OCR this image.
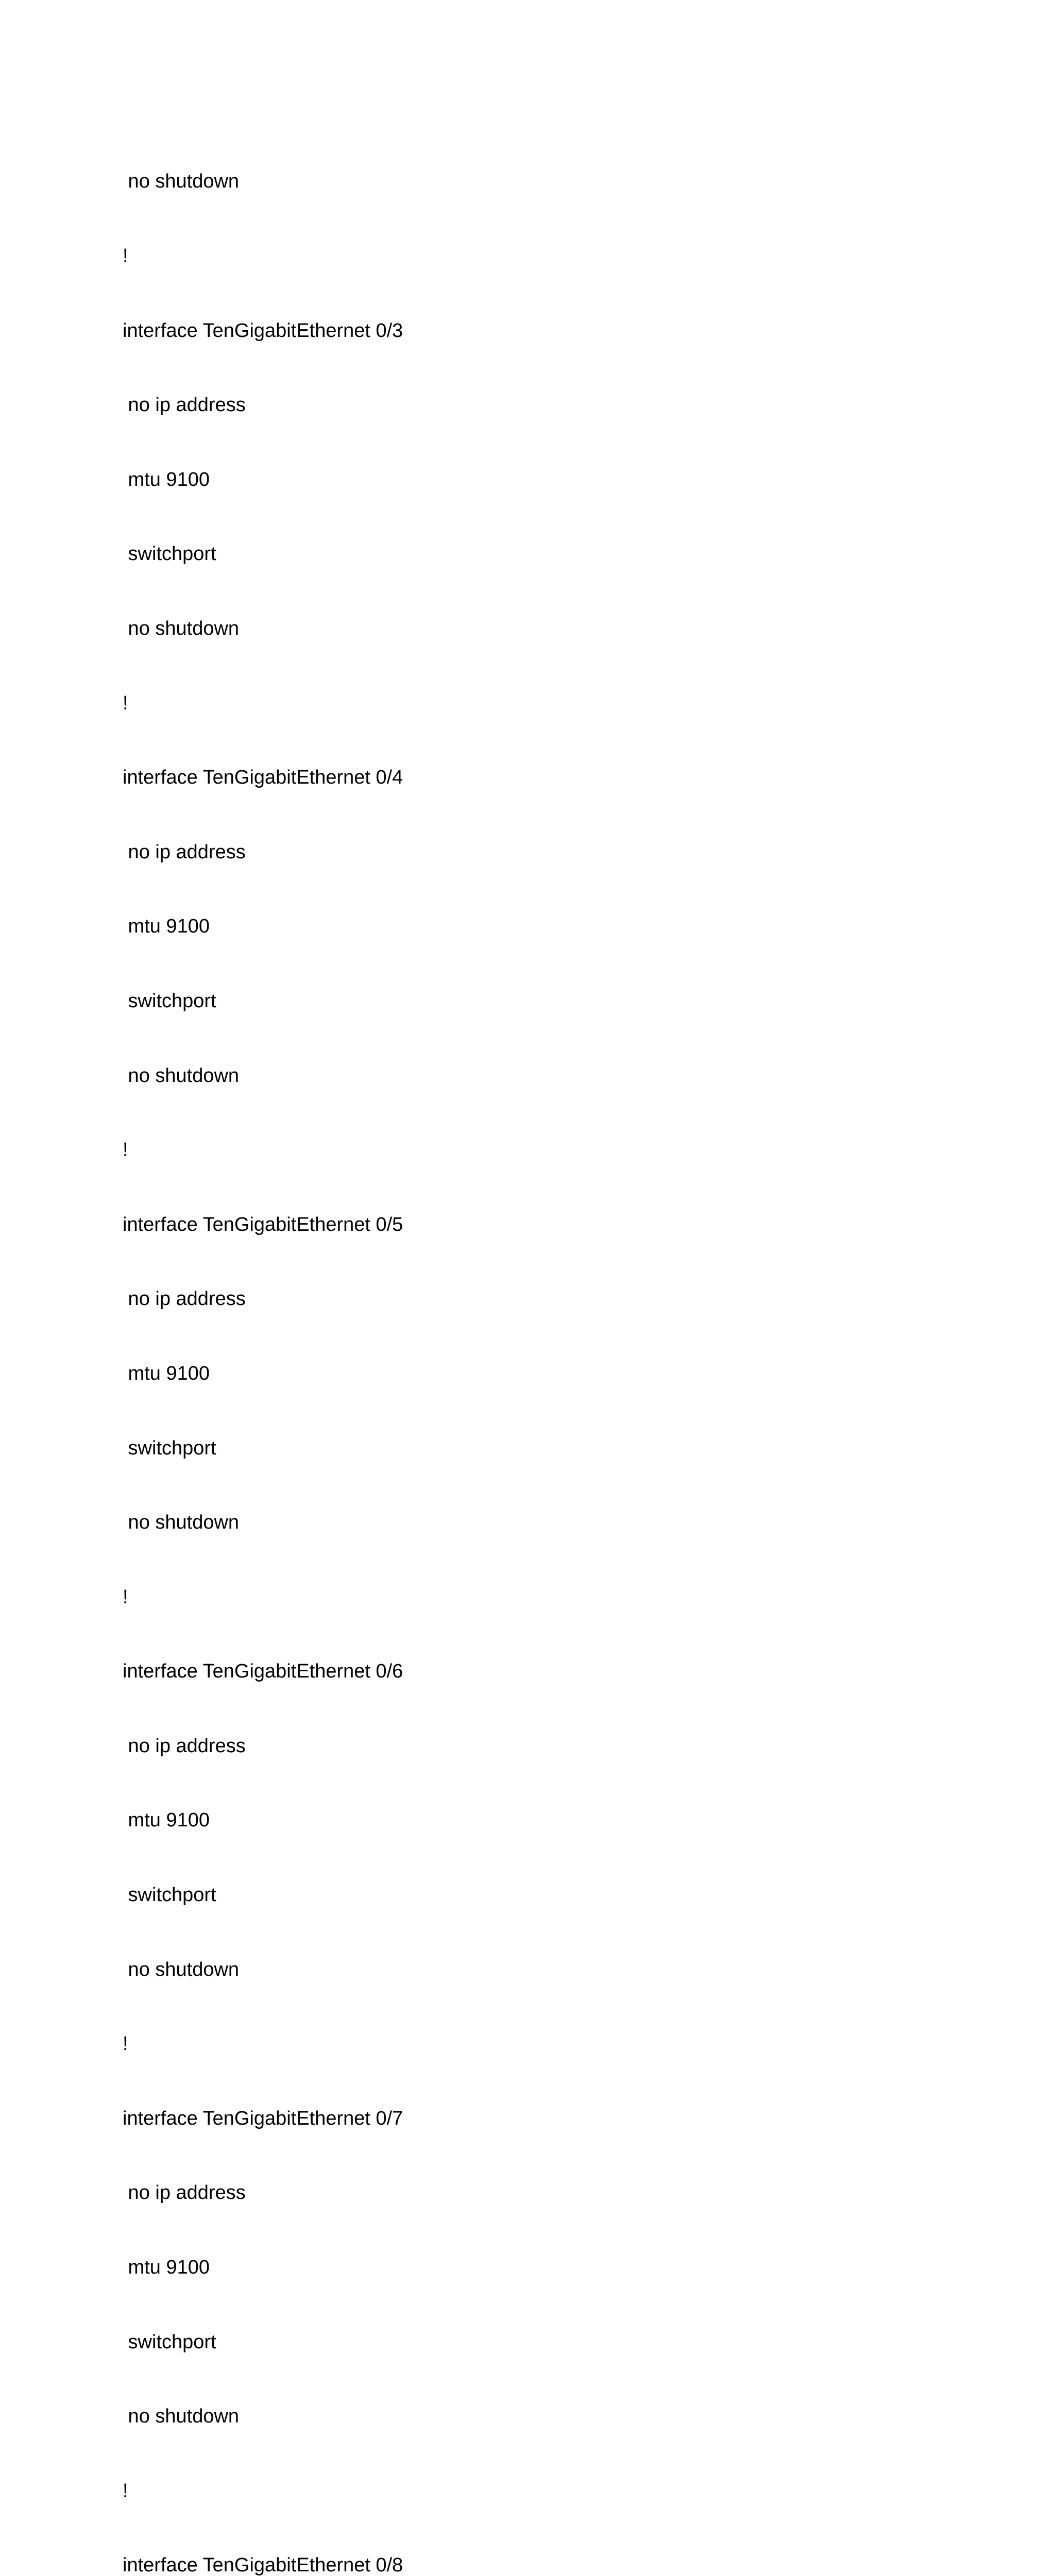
no shutdown

!

interface TenGigabitEthernet 0/3

no ip address

mtu 9100

switchport

no shutdown

!

interface TenGigabitEthernet 0/4

no ip address

mtu 9100

switchport

no shutdown

!

interface TenGigabitEthernet 0/5

no ip address

mtu 9100

switchport

no shutdown

!

interface TenGigabitEthernet 0/6

no ip address

mtu 9100

switchport

no shutdown

!

interface TenGigabitEthernet 0/7

no ip address

mtu 9100

switchport

no shutdown

!

interface TenGigabitEthernet 0/8
